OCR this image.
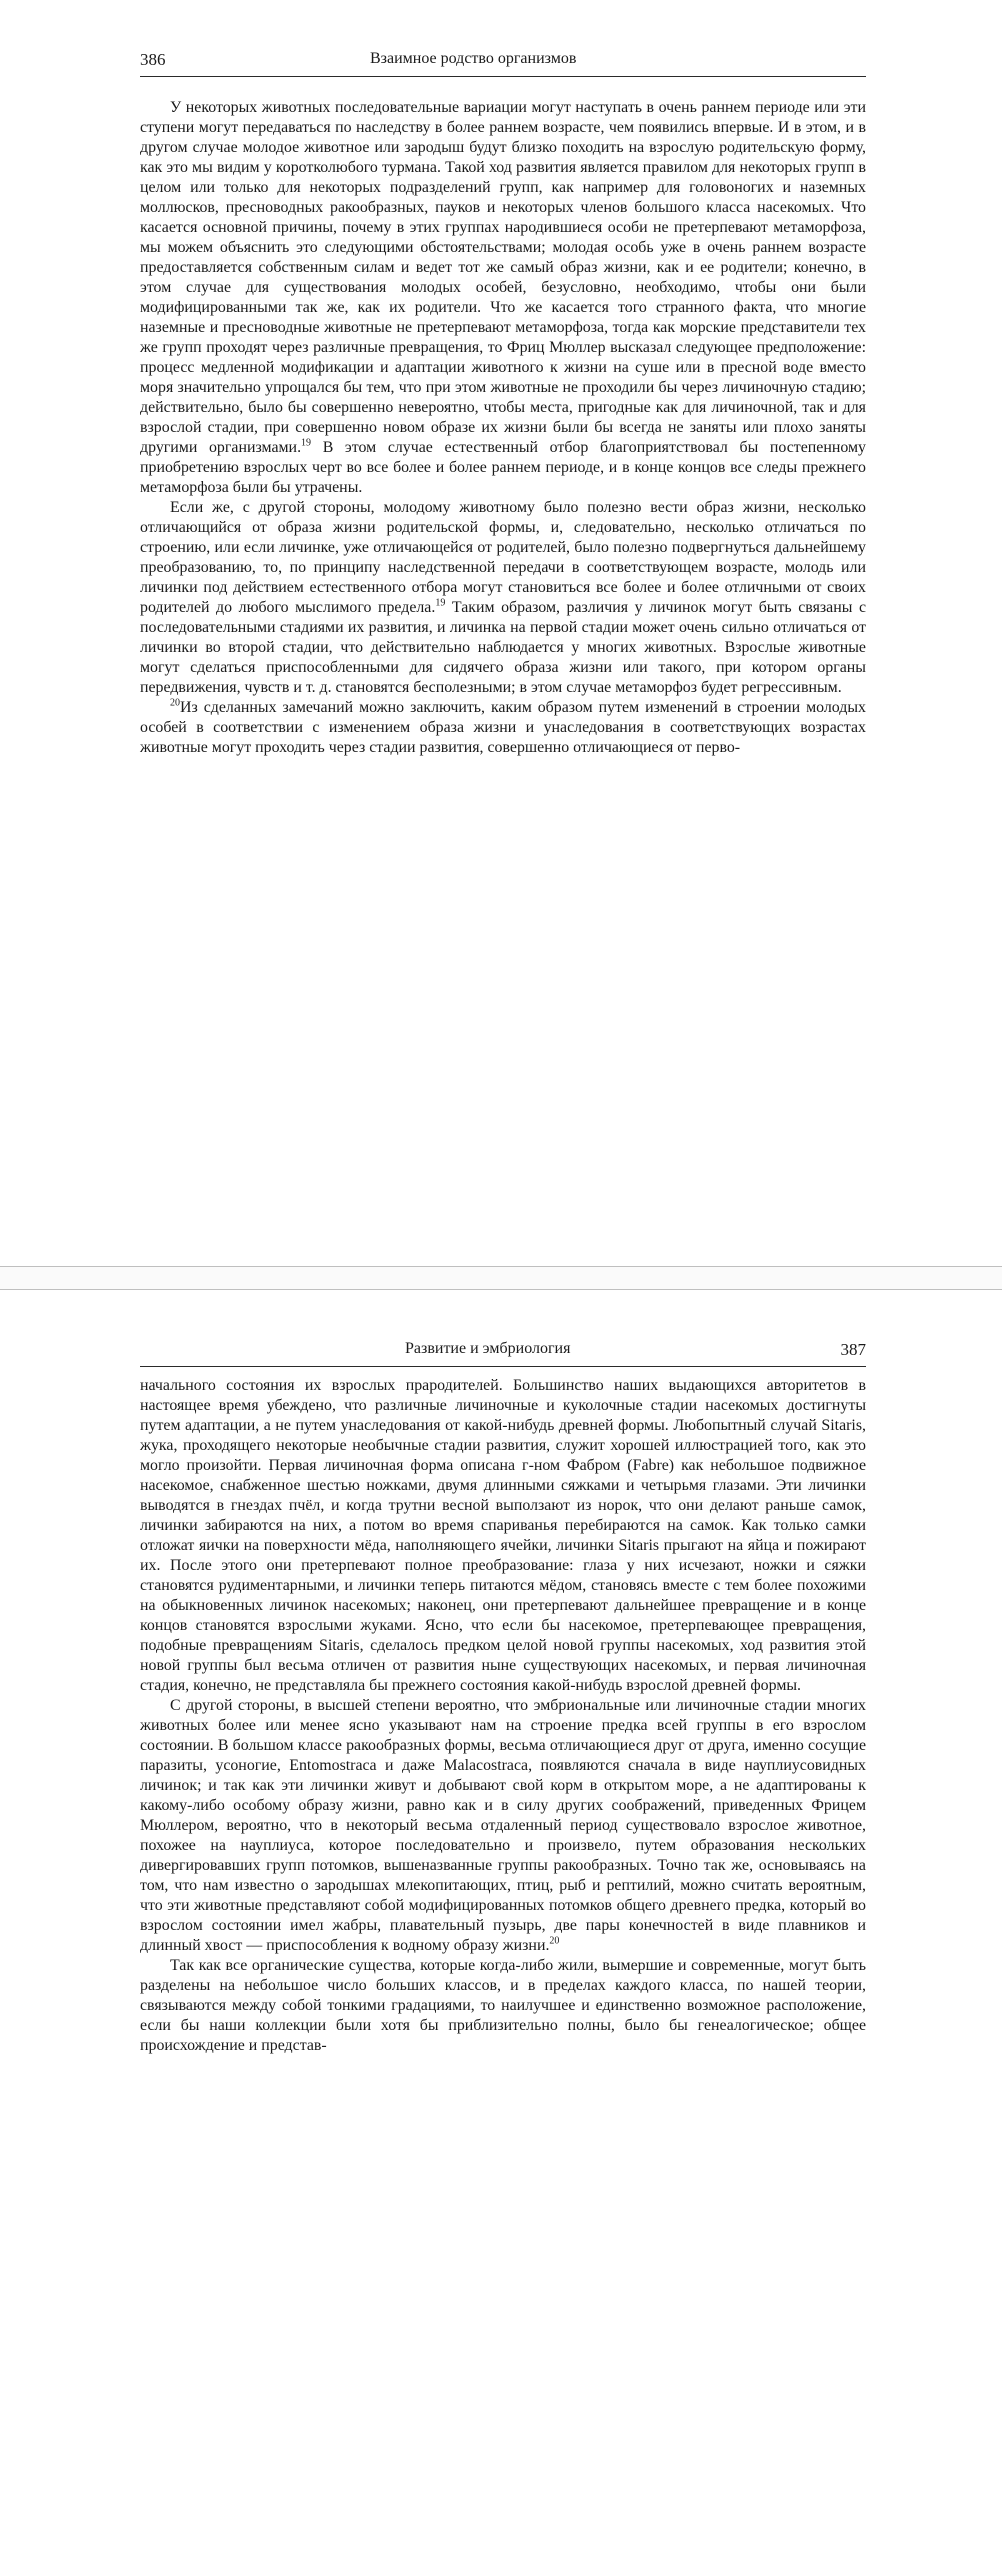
386	Взаимное родство организмов

У некоторых животных последовательные вариации могут наступать в очень раннем периоде или эти ступени могут передаваться по наследству в более раннем возрасте, чем появились впервые. И в этом, и в другом случае молодое животное или зародыш будут близко походить на взрослую родительскую форму, как это мы видим у коротколюбого турмана. Такой ход развития является правилом для некоторых групп в целом или только для некоторых подразделений групп, как например для головоногих и наземных моллюсков, пресноводных ракообразных, пауков и некоторых членов большого класса насекомых. Что касается основной причины, почему в этих группах народившиеся особи не претерпевают метаморфоза, мы можем объяснить это следующими обстоятельствами; молодая особь уже в очень раннем возрасте предоставляется собственным силам и ведет тот же самый образ жизни, как и ее родители; конечно, в этом случае для существования молодых особей, безусловно, необходимо, чтобы они были модифицированными так же, как их родители. Что же касается того странного факта, что многие наземные и пресноводные животные не претерпевают метаморфоза, тогда как морские представители тех же групп проходят через различные превращения, то Фриц Мюллер высказал следующее предположение: процесс медленной модификации и адаптации животного к жизни на суше или в пресной воде вместо моря значительно упрощался бы тем, что при этом животные не проходили бы через личиночную стадию; действительно, было бы совершенно невероятно, чтобы места, пригодные как для личиночной, так и для взрослой стадии, при совершенно новом образе их жизни были бы всегда не заняты или плохо заняты другими организмами.$^{19}$ В этом случае естественный отбор благоприятствовал бы постепенному приобретению взрослых черт во все более и более раннем периоде, и в конце концов все следы прежнего метаморфоза были бы утрачены.

Если же, с другой стороны, молодому животному было полезно вести образ жизни, несколько отличающийся от образа жизни родительской формы, и, следовательно, несколько отличаться по строению, или если личинке, уже отличающейся от родителей, было полезно подвергнуться дальнейшему преобразованию, то, по принципу наследственной передачи в соответствующем возрасте, молодь или личинки под действием естественного отбора могут становиться все более и более отличными от своих родителей до любого мыслимого предела.$^{19}$ Таким образом, различия у личинок могут быть связаны с последовательными стадиями их развития, и личинка на первой стадии может очень сильно отличаться от личинки во второй стадии, что действительно наблюдается у многих животных. Взрослые животные могут сделаться приспособленными для сидячего образа жизни или такого, при котором органы передвижения, чувств и т. д. становятся бесполезными; в этом случае метаморфоз будет регрессивным.

$^{20}$Из сделанных замечаний можно заключить, каким образом путем изменений в строении молодых особей в соответствии с изменением образа жизни и унаследования в соответствующих возрастах животные могут проходить через стадии развития, совершенно отличающиеся от перво-

Развитие и эмбриология	387

начального состояния их взрослых прародителей. Большинство наших выдающихся авторитетов в настоящее время убеждено, что различные личиночные и куколочные стадии насекомых достигнуты путем адаптации, а не путем унаследования от какой-нибудь древней формы. Любопытный случай Sitaris, жука, проходящего некоторые необычные стадии развития, служит хорошей иллюстрацией того, как это могло произойти. Первая личиночная форма описана г-ном Фабром (Fabre) как небольшое подвижное насекомое, снабженное шестью ножками, двумя длинными сяжками и четырьмя глазами. Эти личинки выводятся в гнездах пчёл, и когда трутни весной выползают из норок, что они делают раньше самок, личинки забираются на них, а потом во время спариванья перебираются на самок. Как только самки отложат яички на поверхности мёда, наполняющего ячейки, личинки Sitaris прыгают на яйца и пожирают их. После этого они претерпевают полное преобразование: глаза у них исчезают, ножки и сяжки становятся рудиментарными, и личинки теперь питаются мёдом, становясь вместе с тем более похожими на обыкновенных личинок насекомых; наконец, они претерпевают дальнейшее превращение и в конце концов становятся взрослыми жуками. Ясно, что если бы насекомое, претерпевающее превращения, подобные превращениям Sitaris, сделалось предком целой новой группы насекомых, ход развития этой новой группы был весьма отличен от развития ныне существующих насекомых, и первая личиночная стадия, конечно, не представляла бы прежнего состояния какой-нибудь взрослой древней формы.

С другой стороны, в высшей степени вероятно, что эмбриональные или личиночные стадии многих животных более или менее ясно указывают нам на строение предка всей группы в его взрослом состоянии. В большом классе ракообразных формы, весьма отличающиеся друг от друга, именно сосущие паразиты, усоногие, Entomostraca и даже Malacostraca, появляются сначала в виде науплиусовидных личинок; и так как эти личинки живут и добывают свой корм в открытом море, а не адаптированы к какому-либо особому образу жизни, равно как и в силу других соображений, приведенных Фрицем Мюллером, вероятно, что в некоторый весьма отдаленный период существовало взрослое животное, похожее на науплиуса, которое последовательно и произвело, путем образования нескольких дивергировавших групп потомков, вышеназванные группы ракообразных. Точно так же, основываясь на том, что нам известно о зародышах млекопитающих, птиц, рыб и рептилий, можно считать вероятным, что эти животные представляют собой модифицированных потомков общего древнего предка, который во взрослом состоянии имел жабры, плавательный пузырь, две пары конечностей в виде плавников и длинный хвост — приспособления к водному образу жизни.$^{20}$

Так как все органические существа, которые когда-либо жили, вымершие и современные, могут быть разделены на небольшое число больших классов, и в пределах каждого класса, по нашей теории, связываются между собой тонкими градациями, то наилучшее и единственно возможное расположение, если бы наши коллекции были хотя бы приблизительно полны, было бы генеалогическое; общее происхождение и представ-
